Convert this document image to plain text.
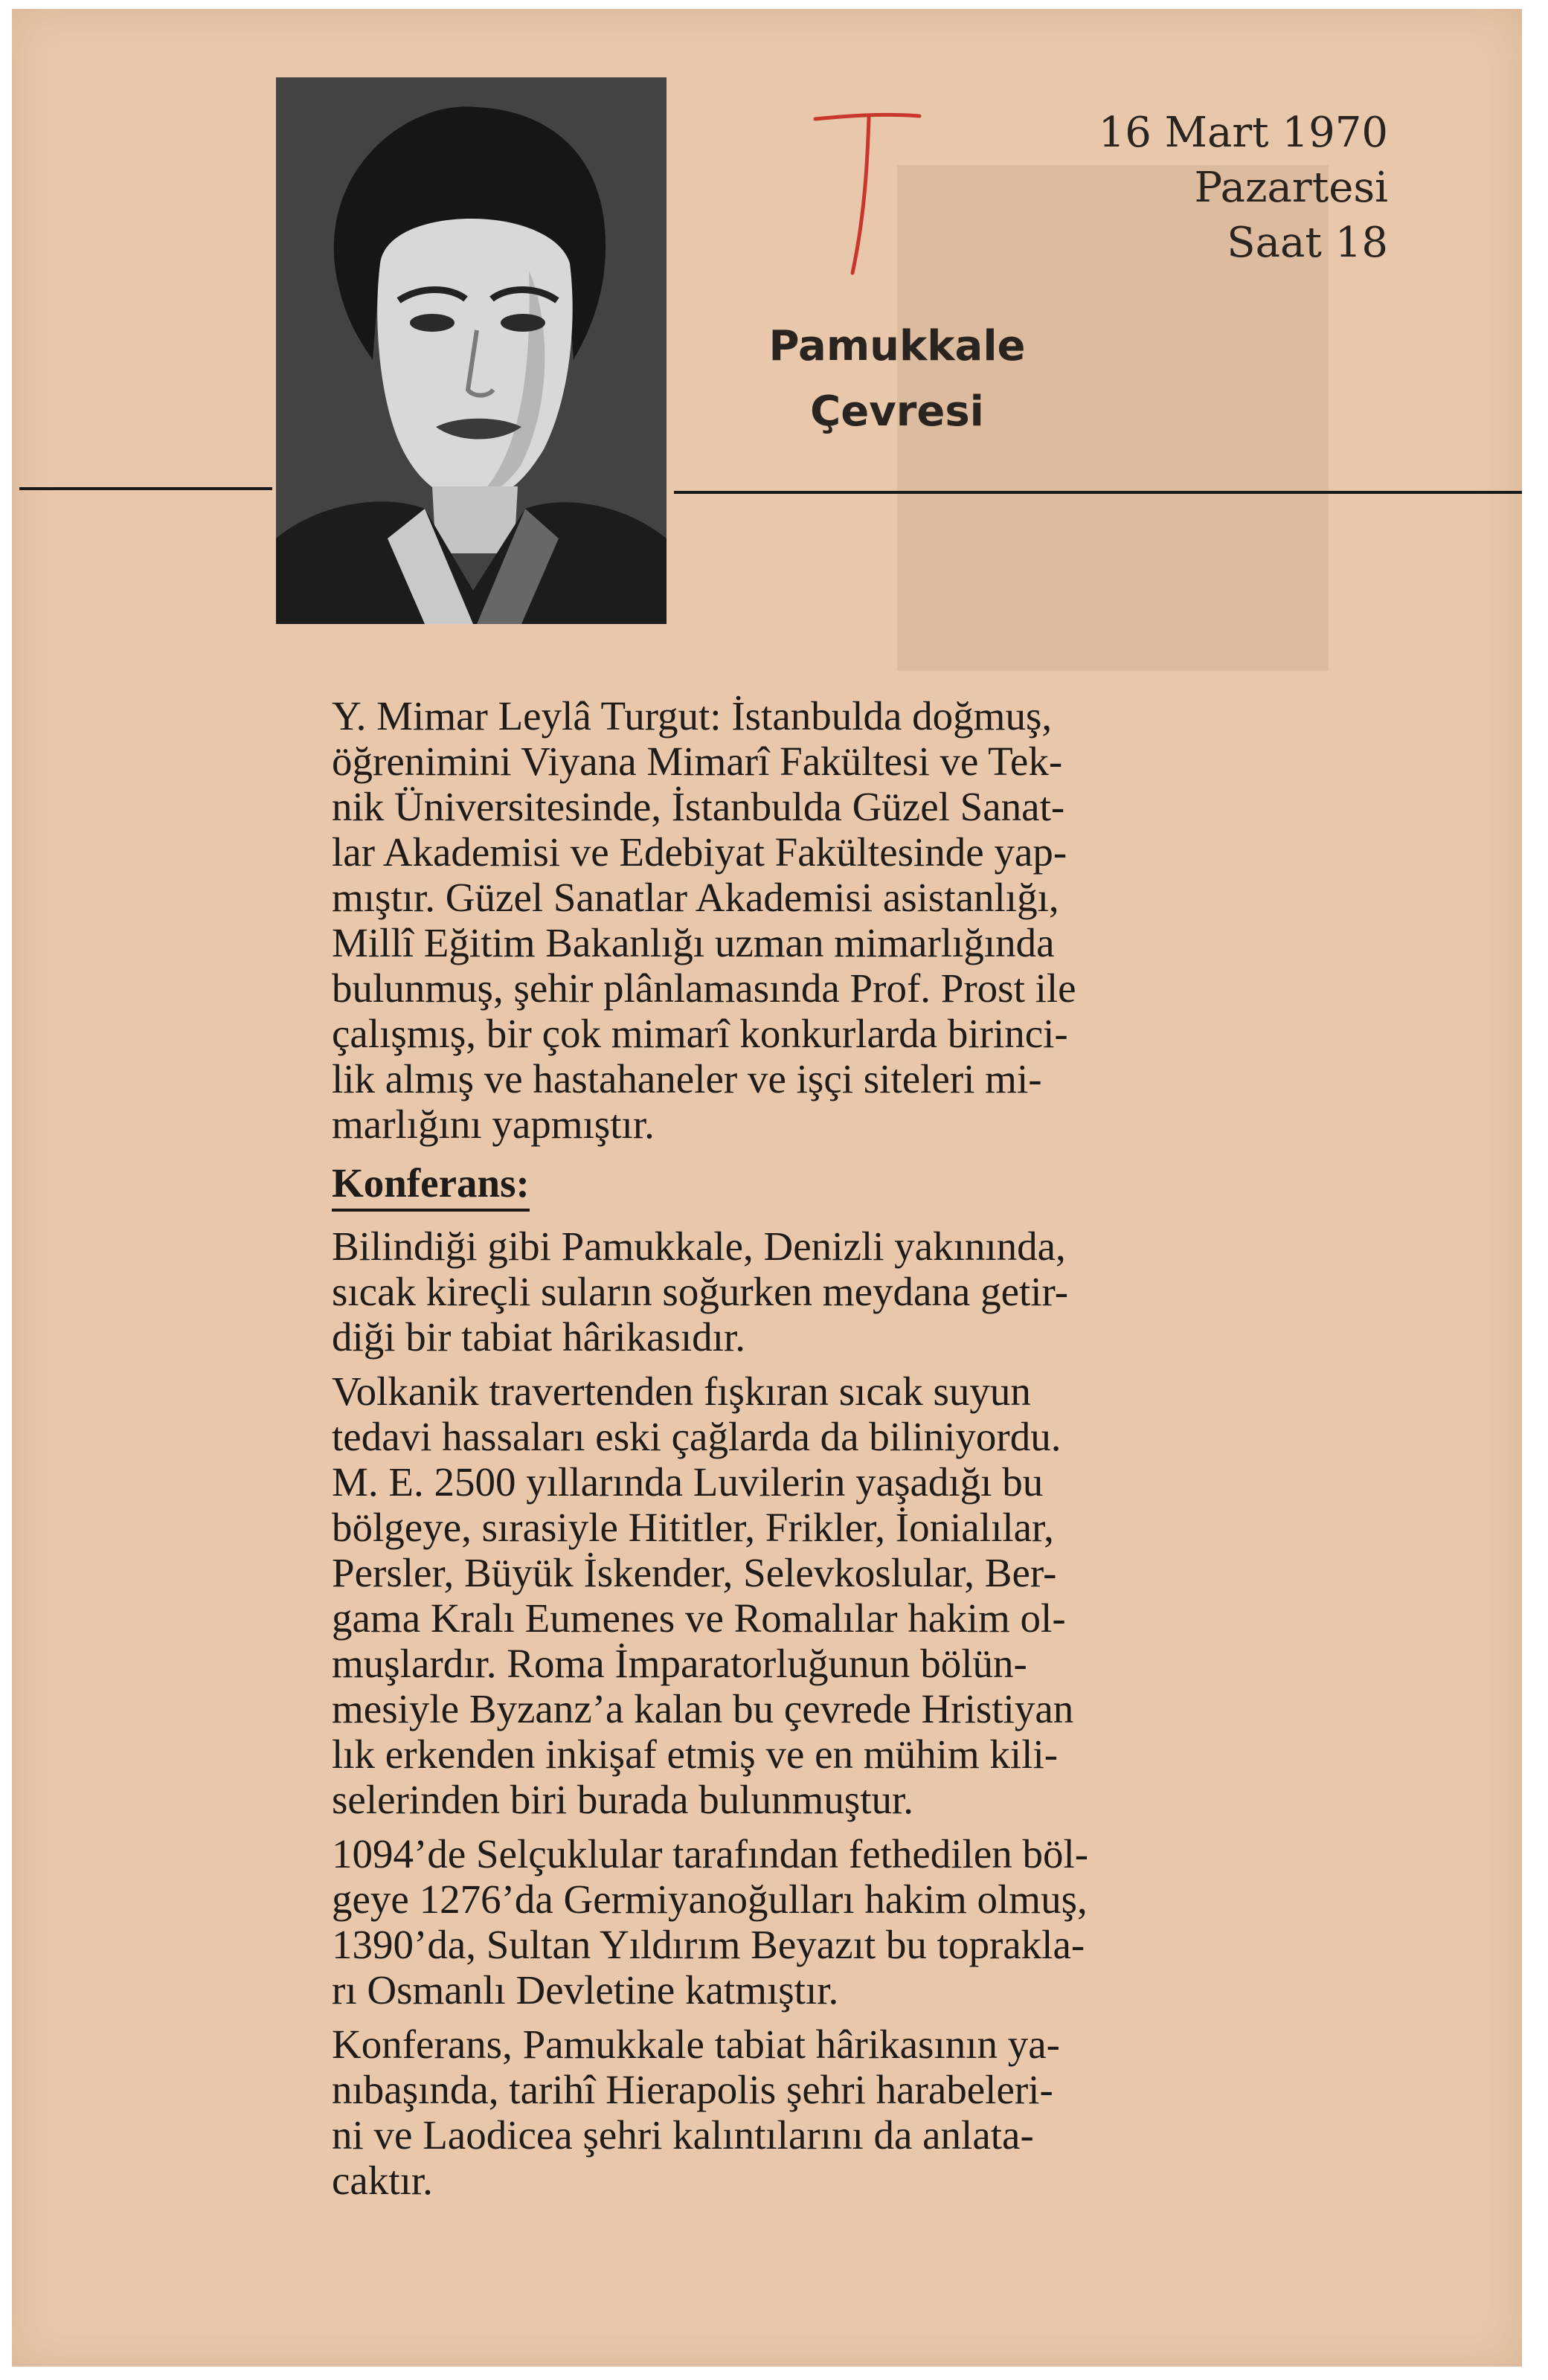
16 Mart 1970
Pazartesi
Saat 18
Pamukkale
Çevresi

Y. Mimar Leylâ Turgut: İstanbulda doğmuş,
öğrenimini Viyana Mimarî Fakültesi ve Tek-
nik Üniversitesinde, İstanbulda Güzel Sanat-
lar Akademisi ve Edebiyat Fakültesinde yap-
mıştır. Güzel Sanatlar Akademisi asistanlığı,
Millî Eğitim Bakanlığı uzman mimarlığında
bulunmuş, şehir plânlamasında Prof. Prost ile
çalışmış, bir çok mimarî konkurlarda birinci-
lik almış ve hastahaneler ve işçi siteleri mi-
marlığını yapmıştır.

Konferans:

Bilindiği gibi Pamukkale, Denizli yakınında,
sıcak kireçli suların soğurken meydana getir-
diği bir tabiat hârikasıdır.

Volkanik travertenden fışkıran sıcak suyun
tedavi hassaları eski çağlarda da biliniyordu.
M. E. 2500 yıllarında Luvilerin yaşadığı bu
bölgeye, sırasiyle Hititler, Frikler, İonialılar,
Persler, Büyük İskender, Selevkoslular, Ber-
gama Kralı Eumenes ve Romalılar hakim ol-
muşlardır. Roma İmparatorluğunun bölün-
mesiyle Byzanz’a kalan bu çevrede Hristiyan
lık erkenden inkişaf etmiş ve en mühim kili-
selerinden biri burada bulunmuştur.

1094’de Selçuklular tarafından fethedilen böl-
geye 1276’da Germiyanoğulları hakim olmuş,
1390’da, Sultan Yıldırım Beyazıt bu toprakla-
rı Osmanlı Devletine katmıştır.

Konferans, Pamukkale tabiat hârikasının ya-
nıbaşında, tarihî Hierapolis şehri harabeleri-
ni ve Laodicea şehri kalıntılarını da anlata-
caktır.
